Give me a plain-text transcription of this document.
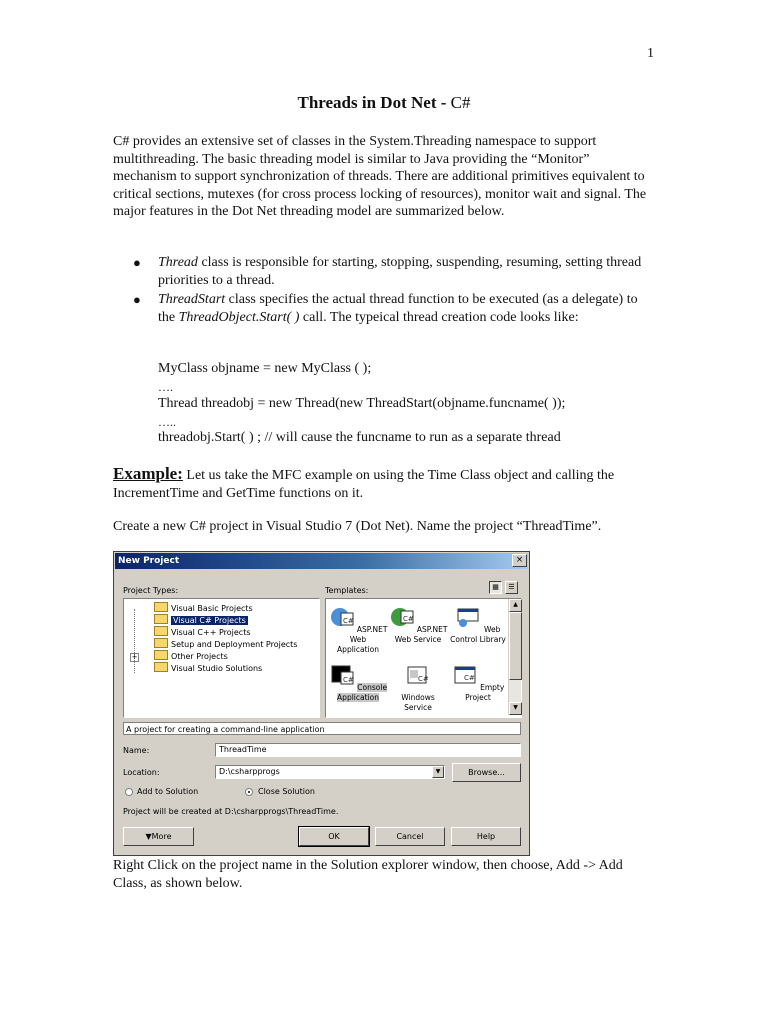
1
Threads in Dot Net - C#

C# provides an extensive set of classes in the System.Threading namespace to support multithreading. The basic threading model is similar to Java providing the “Monitor” mechanism to support synchronization of threads. There are additional primitives equivalent to critical sections, mutexes (for cross process locking of resources), monitor wait and signal. The major features in the Dot Net threading model are summarized below.

● Thread class is responsible for starting, stopping, suspending, resuming, setting thread priorities to a thread.
● ThreadStart class specifies the actual thread function to be executed (as a delegate) to the ThreadObject.Start( ) call. The typeical thread creation code looks like:
MyClass objname = new MyClass ( );
….
Thread threadobj = new Thread(new ThreadStart(objname.funcname( ));
…..
threadobj.Start( ) ; // will cause the funcname to run as a separate thread

Example: Let us take the MFC example on using the Time Class object and calling the IncrementTime and GetTime functions on it.

Create a new C# project in Visual Studio 7 (Dot Net). Name the project “ThreadTime”.

New Project	×
Project Types:	Templates:	▦	☰
Visual Basic Projects
Visual C# Projects
Visual C++ Projects
Setup and Deployment Projects
+	Other Projects
Visual Studio Solutions
C#
ASP.NET Web Application
C#
ASP.NET Web Service
Web Control Library
C#
Console Application
C#
Windows Service
C#
Empty Project
▲
▼
A project for creating a command-line application
Name:	ThreadTime
Location:	D:\csharpprogs	▼	Browse...
Add to Solution	Close Solution
Project will be created at D:\csharpprogs\ThreadTime.
▼More	OK	Cancel	Help

Right Click on the project name in the Solution explorer window, then choose, Add -> Add Class, as shown below.
